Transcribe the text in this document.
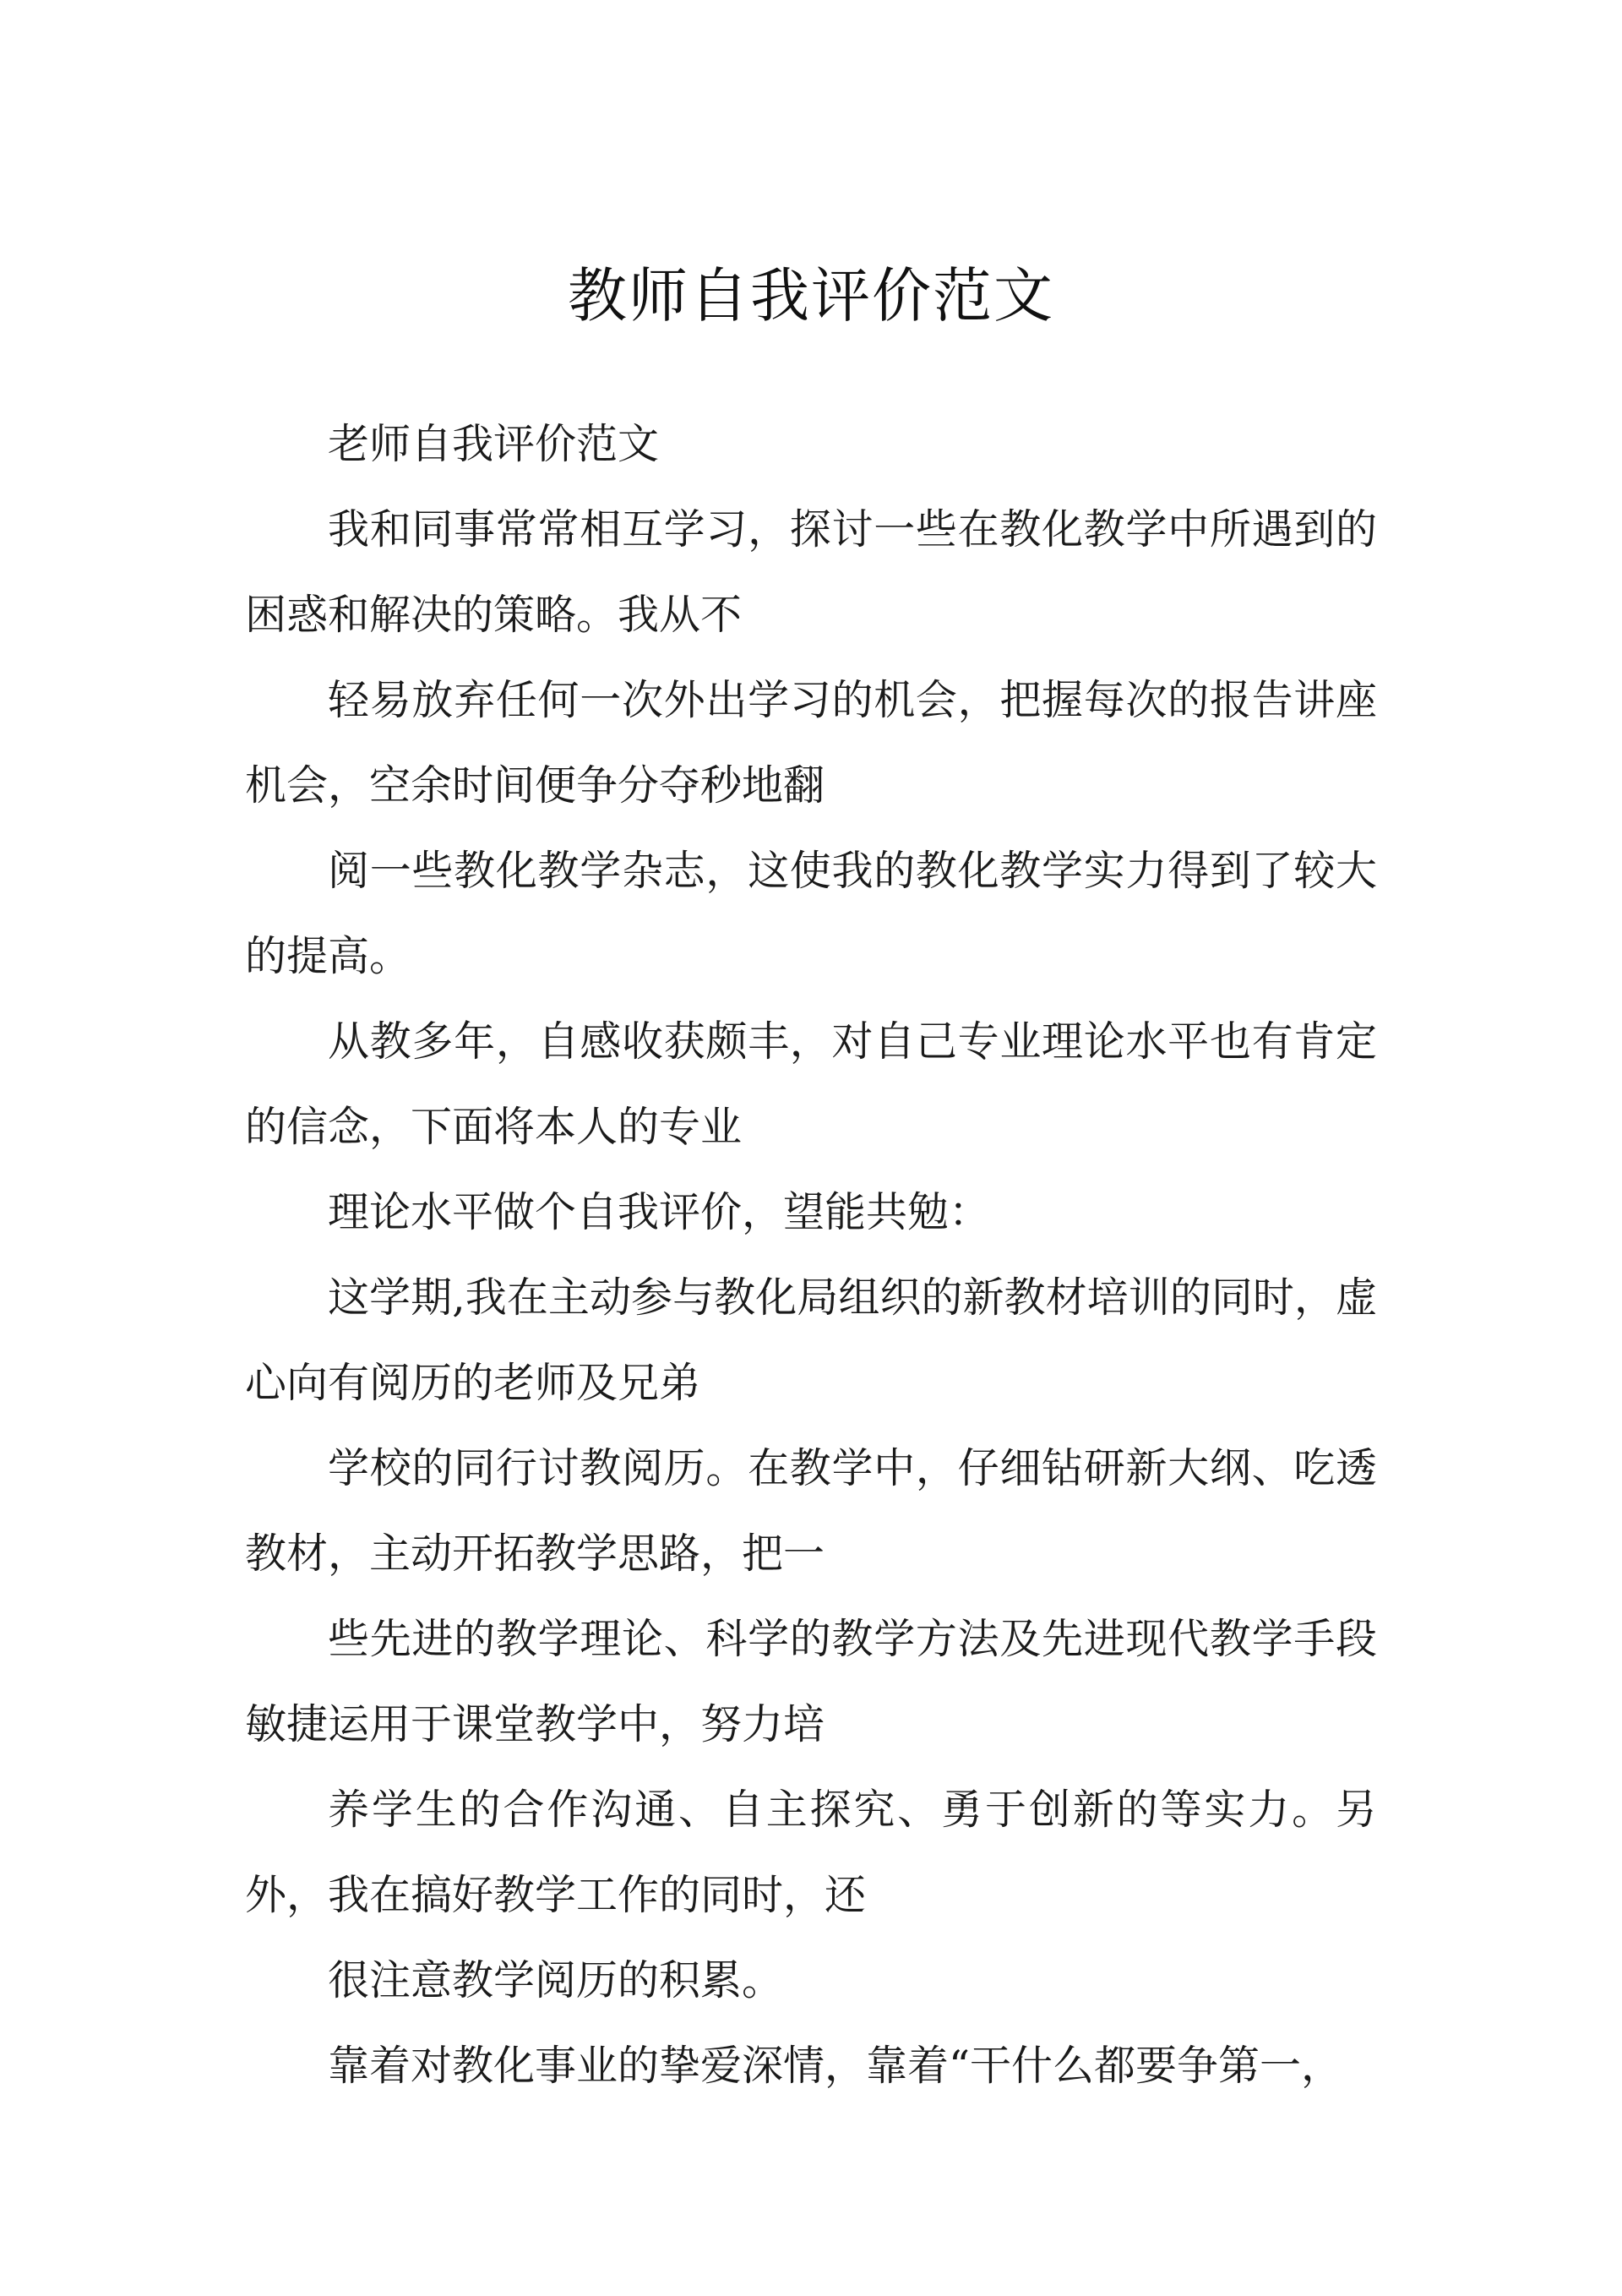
教师自我评价范文

老师自我评价范文

我和同事常常相互学习，探讨一些在教化教学中所遇到的困惑和解决的策略。我从不

轻易放弃任何一次外出学习的机会，把握每次的报告讲座机会，空余时间便争分夺秒地翻

阅一些教化教学杂志，这使我的教化教学实力得到了较大的提高。

从教多年，自感收获颇丰，对自己专业理论水平也有肯定的信念，下面将本人的专业

理论水平做个自我评价，望能共勉：

这学期,我在主动参与教化局组织的新教材培训的同时，虚心向有阅历的老师及兄弟

学校的同行讨教阅历。在教学中，仔细钻研新大纲、吃透教材，主动开拓教学思路，把一

些先进的教学理论、科学的教学方法及先进现代教学手段敏捷运用于课堂教学中，努力培

养学生的合作沟通、自主探究、勇于创新的等实力。另外，我在搞好教学工作的同时，还

很注意教学阅历的积累。

靠着对教化事业的挚爱深情，靠着“干什么都要争第一，
